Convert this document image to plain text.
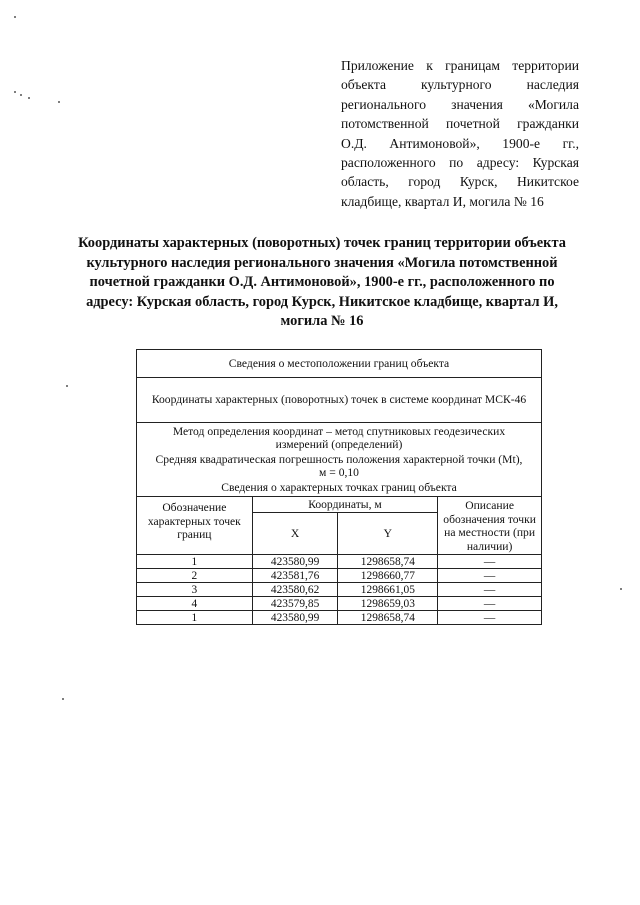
Приложение к границам территории объекта культурного наследия регионального значения «Могила потомственной почетной гражданки О.Д. Антимоновой», 1900-е гг., расположенного по адресу: Курская область, город Курск, Никитское кладбище, квартал И, могила № 16
Координаты характерных (поворотных) точек границ территории объекта культурного наследия регионального значения «Могила потомственной почетной гражданки О.Д. Антимоновой», 1900-е гг., расположенного по адресу: Курская область, город Курск, Никитское кладбище, квартал И, могила № 16
Сведения о местоположении границ объекта			
Координаты характерных (поворотных) точек в системе координат МСК-46			

Метод определения координат – метод спутниковых геодезических измерений (определений)
Средняя квадратическая погрешность положения характерной точки (Mt), м = 0,10
Сведения о характерных точках границ объекта			

Обозначение характерных точек границ	Координаты, м		Описание обозначения точки на местности (при наличии)
	X	Y	
1	423580,99	1298658,74	—
2	423581,76	1298660,77	—
3	423580,62	1298661,05	—
4	423579,85	1298659,03	—
1	423580,99	1298658,74	—
